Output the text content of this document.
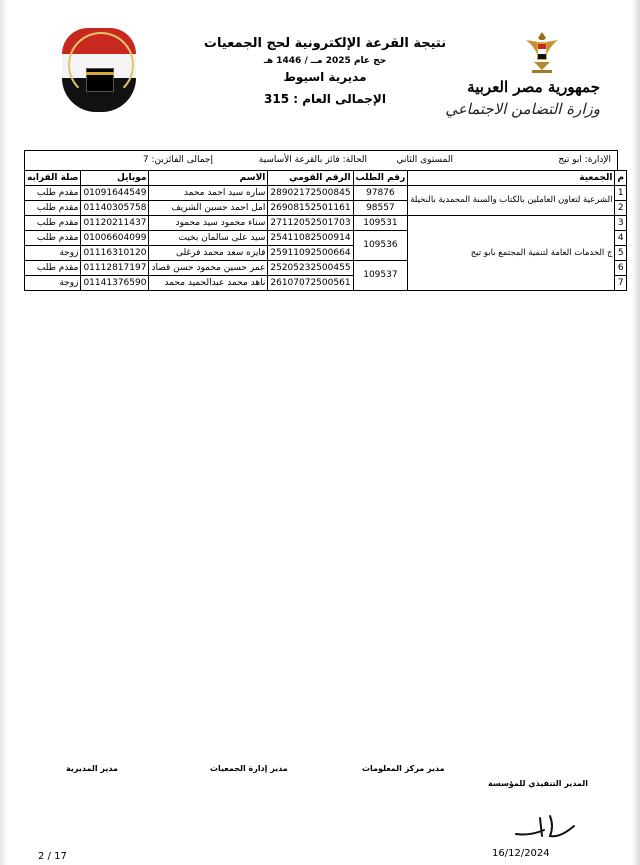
جمهورية مصر العربية
وزارة التضامن الاجتماعي
نتيجة القرعة الإلكترونية لحج الجمعيات
حج عام 2025 مــ / 1446 هـ
مديرية اسيوط
الإجمالى العام : 315
الإدارة: ابو تيج
المستوى الثاني
الحالة: فائز بالقرعة الأساسية
إجمالى الفائزين: 7
م	الجمعية	رقم الطلب	الرقم القومي	الاسم	موبايل	صلة القرابه
1	الشرعية لتعاون العاملين بالكتاب والسنة المحمدية بالنخيلة	97876	28902172500845	ساره سيد احمد محمد	01091644549	مقدم طلب
2		98557	26908152501161	امل احمد حسين الشريف	01140305758	مقدم طلب
3	ج الخدمات العامة لتنمية المجتمع بابو تيج	109531	27112052501703	سناء محمود سيد محمود	01120211437	مقدم طلب
4		109536	25411082500914	سيد على سالمان بخيت	01006604099	مقدم طلب
5			25911092500664	فايزه سعد محمد فرغلى	01116310120	زوجة
6		109537	25205232500455	عمر حسين محمود حسن قصاد	01112817197	مقدم طلب
7			26107072500561	ناهد محمد عبدالحميد محمد	01141376590	زوجة
مدير المديرية	مدير إدارة الجمعيات	مدير مركز المعلومات
المدير التنفيذي للمؤسسة
2 / 17	16/12/2024
